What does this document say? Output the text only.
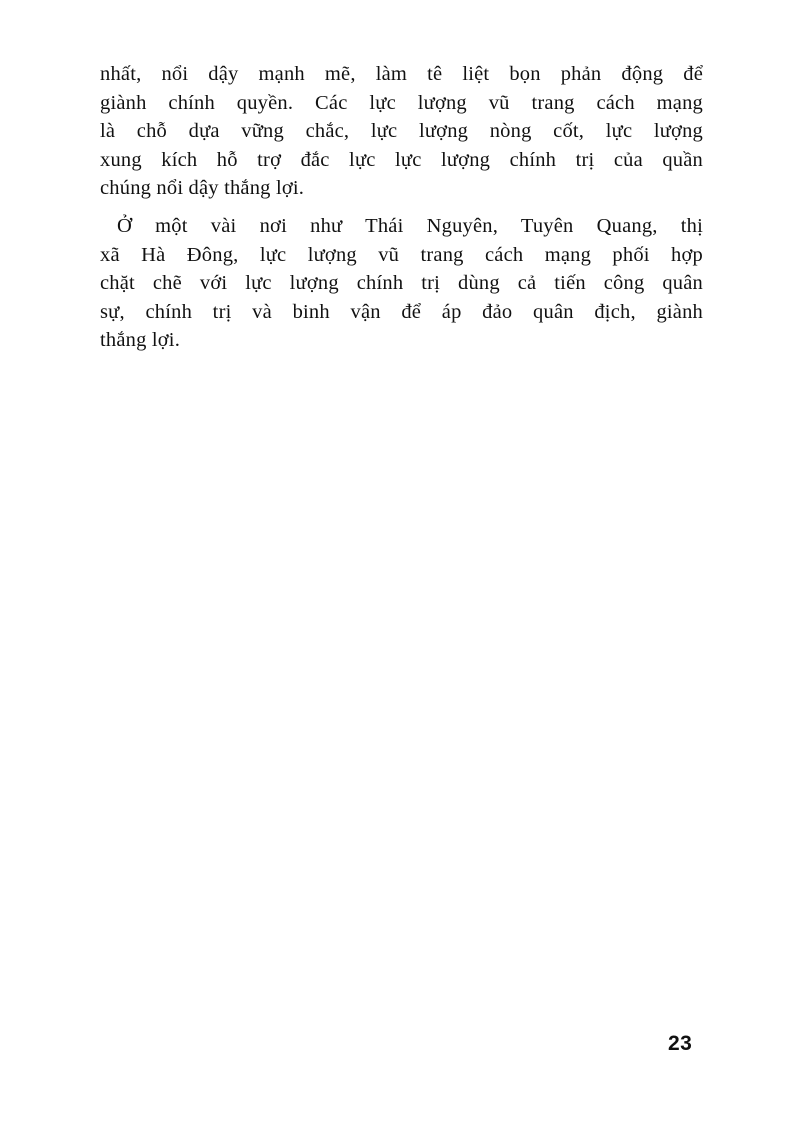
nhất, nổi dậy mạnh mẽ, làm tê liệt bọn phản động để
giành chính quyền. Các lực lượng vũ trang cách mạng
là chỗ dựa vững chắc, lực lượng nòng cốt, lực lượng
xung kích hỗ trợ đắc lực lực lượng chính trị của quần
chúng nổi dậy thắng lợi.
Ở một vài nơi như Thái Nguyên, Tuyên Quang, thị
xã Hà Đông, lực lượng vũ trang cách mạng phối hợp
chặt chẽ với lực lượng chính trị dùng cả tiến công quân
sự, chính trị và binh vận để áp đảo quân địch, giành
thắng lợi.
23
